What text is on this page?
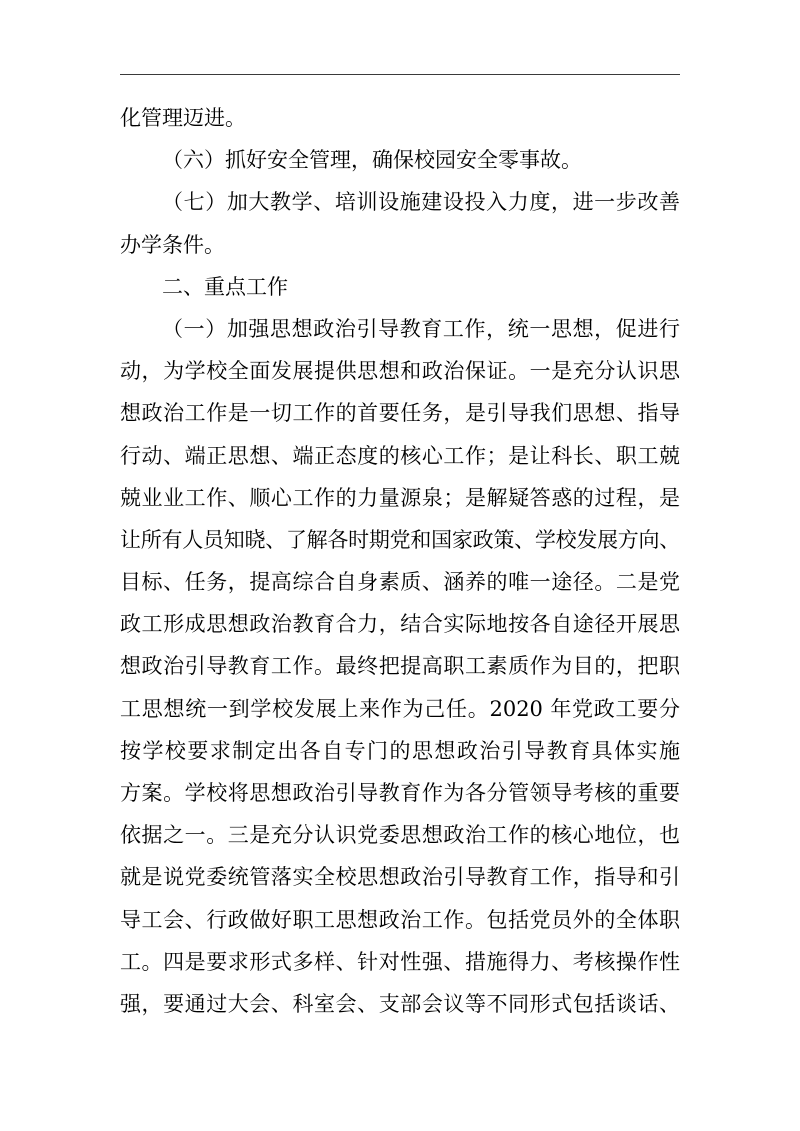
化管理迈进。
（六）抓好安全管理，确保校园安全零事故。
（七）加大教学、培训设施建设投入力度，进一步改善
办学条件。
二、重点工作
（一）加强思想政治引导教育工作，统一思想，促进行
动，为学校全面发展提供思想和政治保证。一是充分认识思
想政治工作是一切工作的首要任务，是引导我们思想、指导
行动、端正思想、端正态度的核心工作；是让科长、职工兢
兢业业工作、顺心工作的力量源泉；是解疑答惑的过程，是
让所有人员知晓、了解各时期党和国家政策、学校发展方向、
目标、任务，提高综合自身素质、涵养的唯一途径。二是党
政工形成思想政治教育合力，结合实际地按各自途径开展思
想政治引导教育工作。最终把提高职工素质作为目的，把职
工思想统一到学校发展上来作为己任。2020 年党政工要分
按学校要求制定出各自专门的思想政治引导教育具体实施
方案。学校将思想政治引导教育作为各分管领导考核的重要
依据之一。三是充分认识党委思想政治工作的核心地位，也
就是说党委统管落实全校思想政治引导教育工作，指导和引
导工会、行政做好职工思想政治工作。包括党员外的全体职
工。四是要求形式多样、针对性强、措施得力、考核操作性
强，要通过大会、科室会、支部会议等不同形式包括谈话、
